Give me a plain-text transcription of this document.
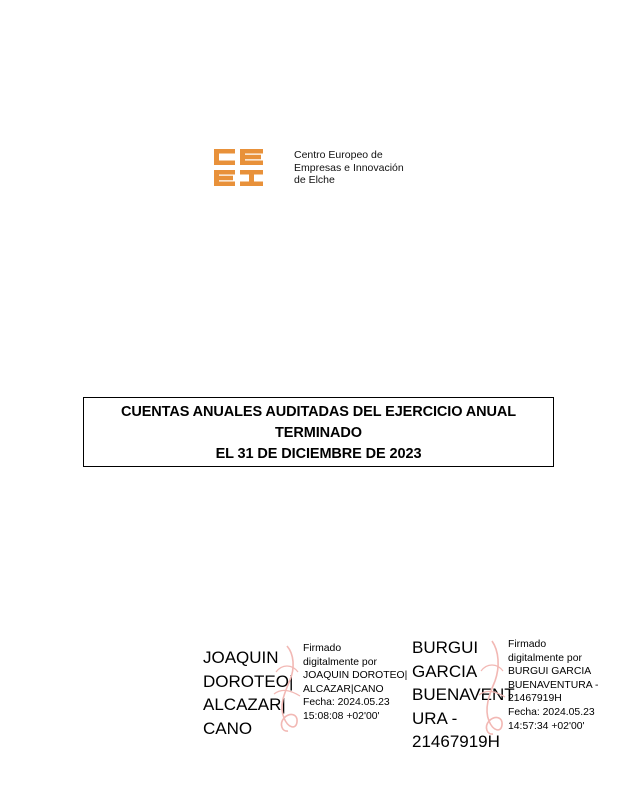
Centro Europeo de
Empresas e Innovación
de Elche
CUENTAS ANUALES AUDITADAS DEL EJERCICIO ANUAL
TERMINADO
EL 31 DE DICIEMBRE DE 2023
JOAQUIN
DOROTEO|
ALCAZAR|
CANO
Firmado
digitalmente por
JOAQUIN DOROTEO|
ALCAZAR|CANO
Fecha: 2024.05.23
15:08:08 +02'00'
BURGUI
GARCIA
BUENAVENT
URA -
21467919H
Firmado
digitalmente por
BURGUI GARCIA
BUENAVENTURA -
21467919H
Fecha: 2024.05.23
14:57:34 +02'00'
